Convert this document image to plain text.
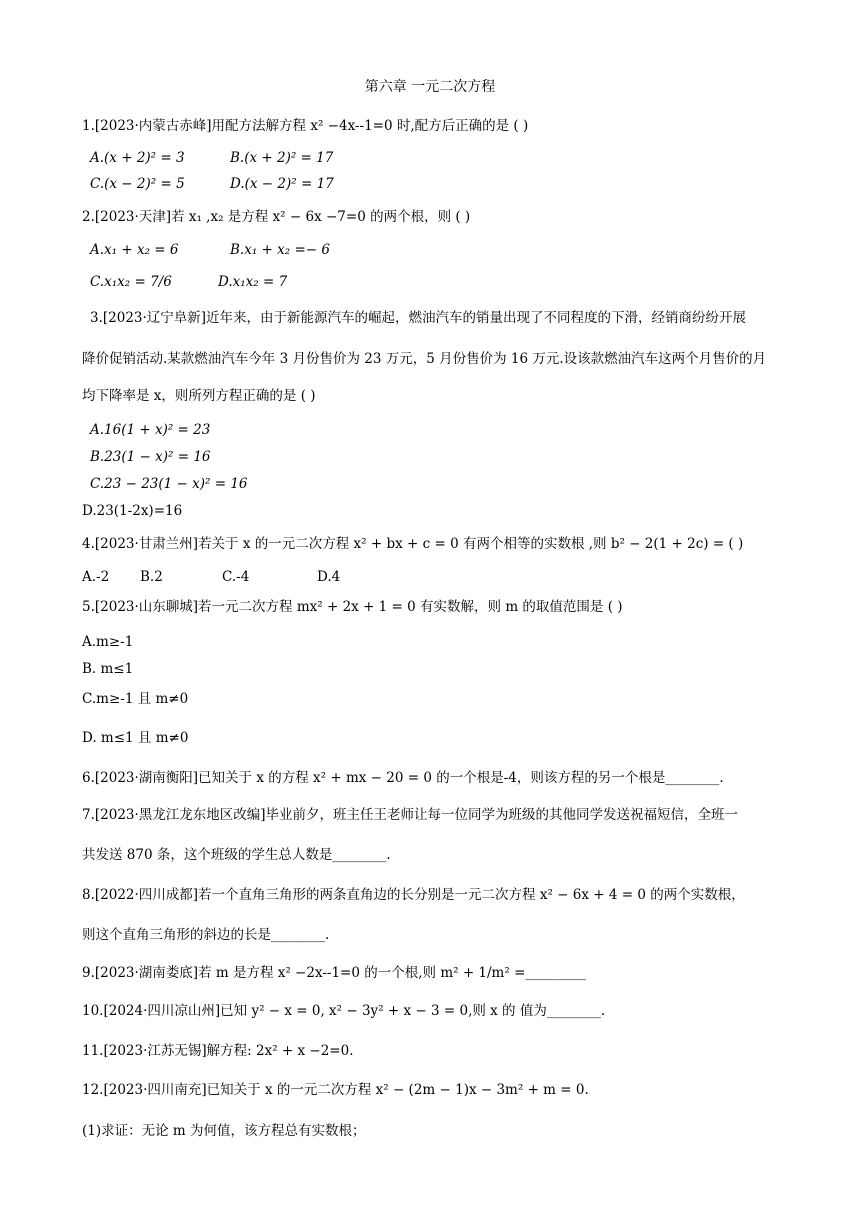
第六章 一元二次方程
1.[2023·内蒙古赤峰]用配方法解方程 x² −4x--1=0 时,配方后正确的是 ( )
A.(x + 2)² = 3	B.(x + 2)² = 17
C.(x − 2)² = 5	D.(x − 2)² = 17
2.[2023·天津]若 x₁ ,x₂ 是方程 x² − 6x −7=0 的两个根，则 ( )
A.x₁ + x₂ = 6	B.x₁ + x₂ =− 6
C.x₁x₂ = 7/6	D.x₁x₂ = 7
3.[2023·辽宁阜新]近年来，由于新能源汽车的崛起，燃油汽车的销量出现了不同程度的下滑，经销商纷纷开展
降价促销活动.某款燃油汽车今年 3 月份售价为 23 万元，5 月份售价为 16 万元.设该款燃油汽车这两个月售价的月
均下降率是 x，则所列方程正确的是 ( )
A.16(1 + x)² = 23
B.23(1 − x)² = 16
C.23 − 23(1 − x)² = 16
D.23(1-2x)=16
4.[2023·甘肃兰州]若关于 x 的一元二次方程 x² + bx + c = 0 有两个相等的实数根 ,则 b² − 2(1 + 2c) = ( )
A.-2 B.2	C.-4	D.4
5.[2023·山东聊城]若一元二次方程 mx² + 2x + 1 = 0 有实数解，则 m 的取值范围是 ( )
A.m≥-1
B. m≤1
C.m≥-1 且 m≠0
D. m≤1 且 m≠0
6.[2023·湖南衡阳]已知关于 x 的方程 x² + mx − 20 = 0 的一个根是-4，则该方程的另一个根是________.
7.[2023·黑龙江龙东地区改编]毕业前夕，班主任王老师让每一位同学为班级的其他同学发送祝福短信，全班一
共发送 870 条，这个班级的学生总人数是________.
8.[2022·四川成都]若一个直角三角形的两条直角边的长分别是一元二次方程 x² − 6x + 4 = 0 的两个实数根，
则这个直角三角形的斜边的长是________.
9.[2023·湖南娄底]若 m 是方程 x² −2x--1=0 的一个根,则 m² + 1/m² =_________
10.[2024·四川凉山州]已知 y² − x = 0, x² − 3y² + x − 3 = 0,则 x 的 值为________.
11.[2023·江苏无锡]解方程: 2x² + x −2=0.
12.[2023·四川南充]已知关于 x 的一元二次方程 x² − (2m − 1)x − 3m² + m = 0.
(1)求证：无论 m 为何值，该方程总有实数根；
